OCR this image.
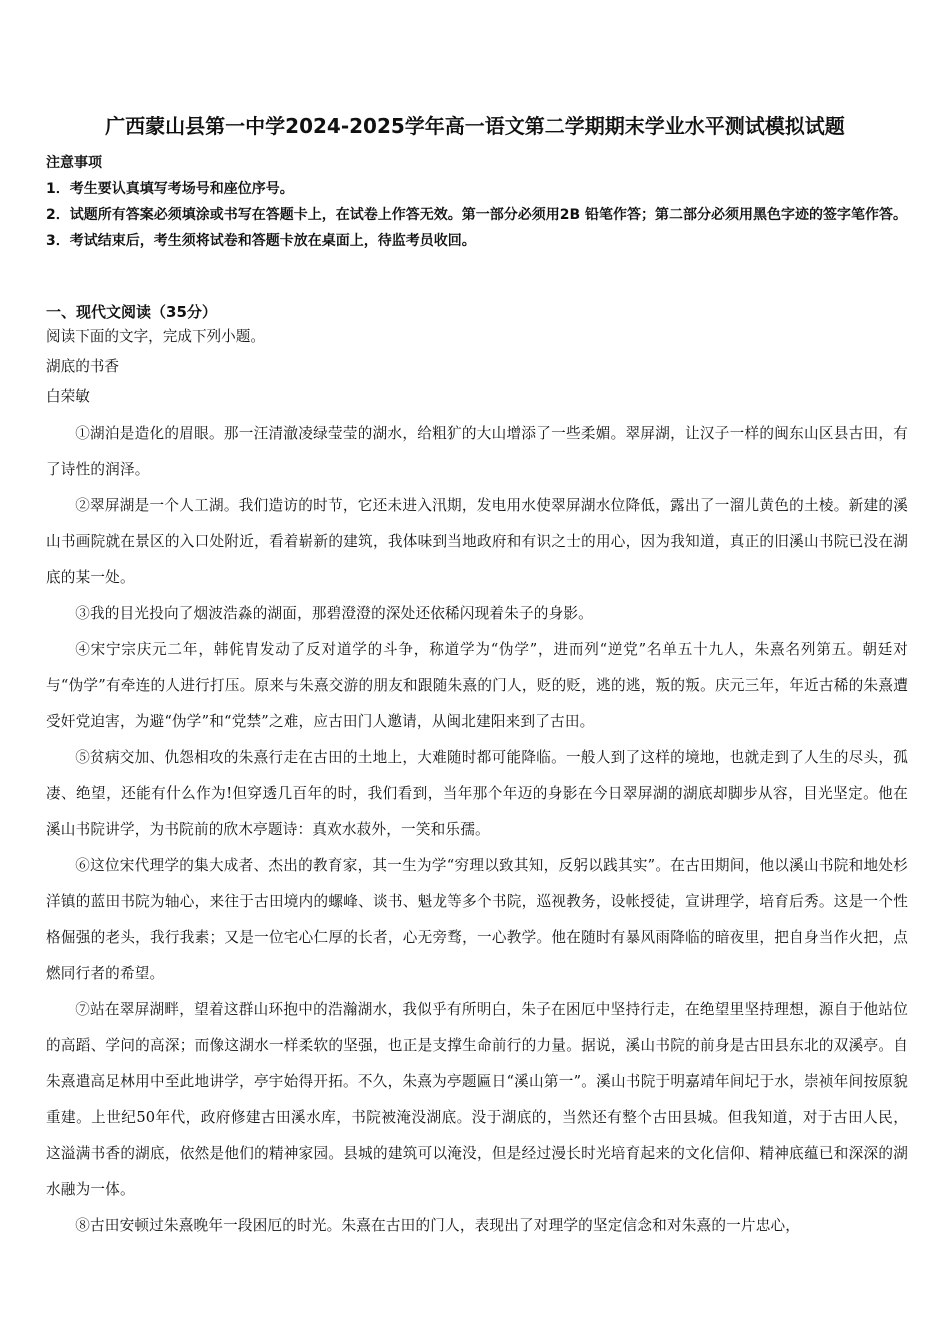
广西蒙山县第一中学2024-2025学年高一语文第二学期期末学业水平测试模拟试题

注意事项

1．考生要认真填写考场号和座位序号。

2．试题所有答案必须填涂或书写在答题卡上，在试卷上作答无效。第一部分必须用2B 铅笔作答；第二部分必须用黑色字迹的签字笔作答。

3．考试结束后，考生须将试卷和答题卡放在桌面上，待监考员收回。

一、现代文阅读（35分）

阅读下面的文字，完成下列小题。

湖底的书香

白荣敏

①湖泊是造化的眉眼。那一汪清澈凌绿莹莹的湖水，给粗犷的大山增添了一些柔媚。翠屏湖，让汉子一样的闽东山区县古田，有了诗性的润泽。

②翠屏湖是一个人工湖。我们造访的时节，它还未进入汛期，发电用水使翠屏湖水位降低，露出了一溜儿黄色的土棱。新建的溪山书画院就在景区的入口处附近，看着崭新的建筑，我体味到当地政府和有识之士的用心，因为我知道，真正的旧溪山书院已没在湖底的某一处。

③我的目光投向了烟波浩淼的湖面，那碧澄澄的深处还依稀闪现着朱子的身影。

④宋宁宗庆元二年，韩侂胄发动了反对道学的斗争，称道学为“伪学”，进而列“逆党”名单五十九人，朱熹名列第五。朝廷对与“伪学”有牵连的人进行打压。原来与朱熹交游的朋友和跟随朱熹的门人，贬的贬，逃的逃，叛的叛。庆元三年，年近古稀的朱熹遭受奸党迫害，为避“伪学”和“党禁”之难，应古田门人邀请，从闽北建阳来到了古田。

⑤贫病交加、仇怨相攻的朱熹行走在古田的土地上，大难随时都可能降临。一般人到了这样的境地，也就走到了人生的尽头，孤凄、绝望，还能有什么作为!但穿透几百年的时，我们看到，当年那个年迈的身影在今日翠屏湖的湖底却脚步从容，目光坚定。他在溪山书院讲学，为书院前的欣木亭题诗：真欢水菽外，一笑和乐孺。

⑥这位宋代理学的集大成者、杰出的教育家，其一生为学“穷理以致其知，反躬以践其实”。在古田期间，他以溪山书院和地处杉洋镇的蓝田书院为轴心，来往于古田境内的螺峰、谈书、魁龙等多个书院，巡视教务，设帐授徒，宣讲理学，培育后秀。这是一个性格倔强的老头，我行我素；又是一位宅心仁厚的长者，心无旁骛，一心教学。他在随时有暴风雨降临的暗夜里，把自身当作火把，点燃同行者的希望。

⑦站在翠屏湖畔，望着这群山环抱中的浩瀚湖水，我似乎有所明白，朱子在困厄中坚持行走，在绝望里坚持理想，源自于他站位的高蹈、学问的高深；而像这湖水一样柔软的坚强，也正是支撑生命前行的力量。据说，溪山书院的前身是古田县东北的双溪亭。自朱熹遣高足林用中至此地讲学，亭宇始得开拓。不久，朱熹为亭题匾日“溪山第一”。溪山书院于明嘉靖年间圮于水，崇祯年间按原貌重建。上世纪50年代，政府修建古田溪水库，书院被淹没湖底。没于湖底的，当然还有整个古田县城。但我知道，对于古田人民，这溢满书香的湖底，依然是他们的精神家园。县城的建筑可以淹没，但是经过漫长时光培育起来的文化信仰、精神底蕴已和深深的湖水融为一体。

⑧古田安顿过朱熹晚年一段困厄的时光。朱熹在古田的门人，表现出了对理学的坚定信念和对朱熹的一片忠心，
